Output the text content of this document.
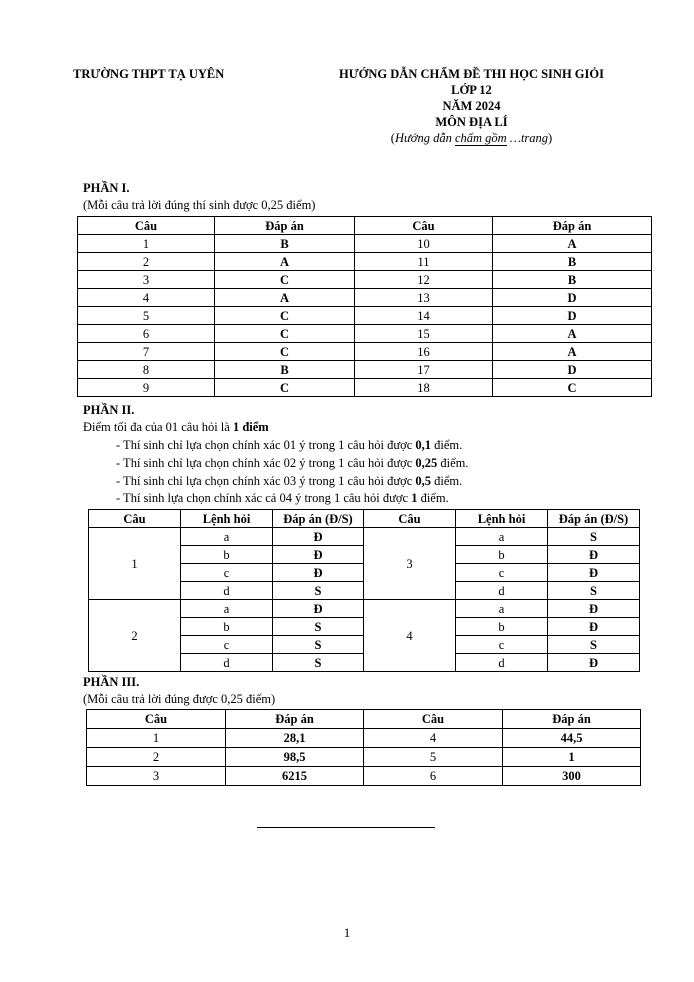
TRƯỜNG THPT TẠ UYÊN	HƯỚNG DẪN CHẤM ĐỀ THI HỌC SINH GIỎI
LỚP 12
NĂM 2024
MÔN ĐỊA LÍ
(Hướng dẫn chấm gồm …trang)
PHẦN I.
(Mỗi câu trả lời đúng thí sinh được 0,25 điểm)
Câu	Đáp án	Câu	Đáp án
1	B	10	A
2	A	11	B
3	C	12	B
4	A	13	D
5	C	14	D
6	C	15	A
7	C	16	A
8	B	17	D
9	C	18	C
PHẦN II.
Điểm tối đa của 01 câu hỏi là 1 điểm
- Thí sinh chỉ lựa chọn chính xác 01 ý trong 1 câu hỏi được 0,1 điểm.
- Thí sinh chỉ lựa chọn chính xác 02 ý trong 1 câu hỏi được 0,25 điểm.
- Thí sinh chỉ lựa chọn chính xác 03 ý trong 1 câu hỏi được 0,5 điểm.
- Thí sinh lựa chọn chính xác cả 04 ý trong 1 câu hỏi được 1 điểm.
Câu	Lệnh hỏi	Đáp án (Đ/S)	Câu	Lệnh hỏi	Đáp án (Đ/S)
1	a	Đ	3	a	S
	b	Đ		b	Đ
	c	Đ		c	Đ
	d	S		d	S
2	a	Đ	4	a	Đ
	b	S		b	Đ
	c	S		c	S
	d	S		d	Đ
PHẦN III.
(Mỗi câu trả lời đúng được 0,25 điểm)
Câu	Đáp án	Câu	Đáp án
1	28,1	4	44,5
2	98,5	5	1
3	6215	6	300
1
